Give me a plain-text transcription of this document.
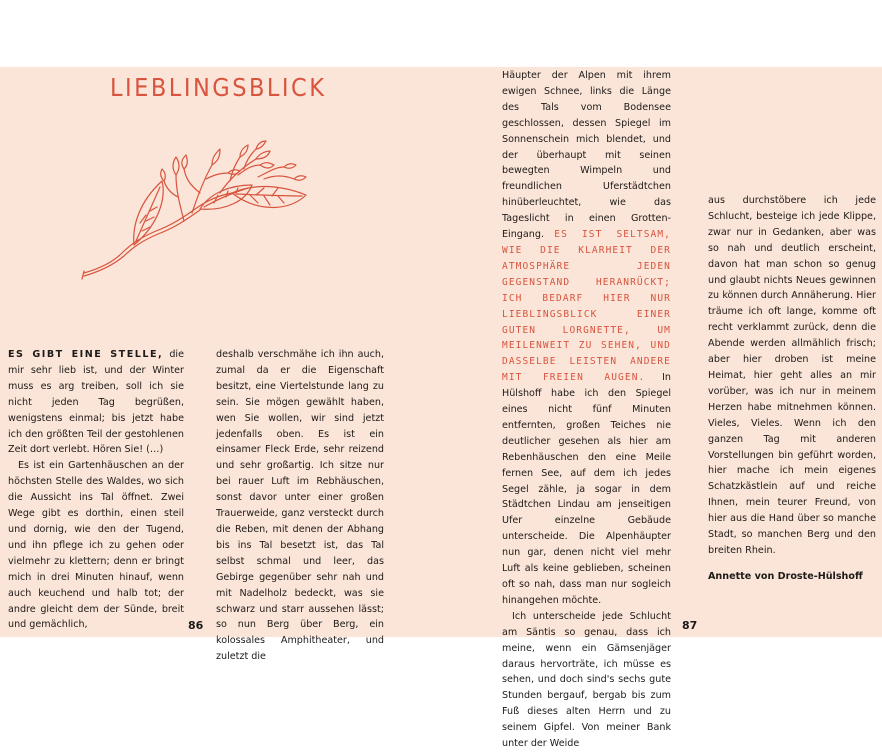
LIEBLINGSBLICK

ES GIBT EINE STELLE, die mir sehr lieb ist, und der Winter muss es arg treiben, soll ich sie nicht jeden Tag begrüßen, wenigstens einmal; bis jetzt habe ich den größten Teil der gestohlenen Zeit dort verlebt. Hören Sie! (…)

Es ist ein Gartenhäuschen an der höchsten Stelle des Waldes, wo sich die Aussicht ins Tal öffnet. Zwei Wege gibt es dorthin, einen steil und dornig, wie den der Tugend, und ihn pflege ich zu gehen oder vielmehr zu klettern; denn er bringt mich in drei Minuten hinauf, wenn auch keuchend und halb tot; der andre gleicht dem der Sünde, breit und gemächlich,

deshalb verschmähe ich ihn auch, zumal da er die Eigenschaft besitzt, eine Viertelstunde lang zu sein. Sie mögen gewählt haben, wen Sie wollen, wir sind jetzt jedenfalls oben. Es ist ein einsamer Fleck Erde, sehr reizend und sehr großartig. Ich sitze nur bei rauer Luft im Rebhäuschen, sonst davor unter einer großen Trauerweide, ganz versteckt durch die Reben, mit denen der Abhang bis ins Tal besetzt ist, das Tal selbst schmal und leer, das Gebirge gegenüber sehr nah und mit Nadelholz bedeckt, was sie schwarz und starr aussehen lässt; so nun Berg über Berg, ein kolossales Amphitheater, und zuletzt die

86

Häupter der Alpen mit ihrem ewigen Schnee, links die Länge des Tals vom Bodensee geschlossen, dessen Spiegel im Sonnenschein mich blendet, und der überhaupt mit seinen bewegten Wimpeln und freundlichen Uferstädtchen hinüberleuchtet, wie das Tageslicht in einen Grotten-Eingang. ES IST SELTSAM, WIE DIE KLARHEIT DER ATMOSPHÄRE JEDEN GEGENSTAND HERANRÜCKT; ICH BEDARF HIER NUR LIEBLINGSBLICK EINER GUTEN LORGNETTE, UM MEILENWEIT ZU SEHEN, UND DASSELBE LEISTEN ANDERE MIT FREIEN AUGEN. In Hülshoff habe ich den Spiegel eines nicht fünf Minuten entfernten, großen Teiches nie deutlicher gesehen als hier am Rebenhäuschen den eine Meile fernen See, auf dem ich jedes Segel zähle, ja sogar in dem Städtchen Lindau am jenseitigen Ufer einzelne Gebäude unterscheide. Die Alpenhäupter nun gar, denen nicht viel mehr Luft als keine geblieben, scheinen oft so nah, dass man nur sogleich hinangehen möchte.

Ich unterscheide jede Schlucht am Säntis so genau, dass ich meine, wenn ein Gämsenjäger daraus hervorträte, ich müsse es sehen, und doch sind's sechs gute Stunden bergauf, bergab bis zum Fuß dieses alten Herrn und zu seinem Gipfel. Von meiner Bank unter der Weide

aus durchstöbere ich jede Schlucht, besteige ich jede Klippe, zwar nur in Gedanken, aber was so nah und deutlich erscheint, davon hat man schon so genug und glaubt nichts Neues gewinnen zu können durch Annäherung. Hier träume ich oft lange, komme oft recht verklammt zurück, denn die Abende werden allmählich frisch; aber hier droben ist meine Heimat, hier geht alles an mir vorüber, was ich nur in meinem Herzen habe mitnehmen können. Vieles, Vieles. Wenn ich den ganzen Tag mit anderen Vorstellungen bin geführt worden, hier mache ich mein eigenes Schatzkästlein auf und reiche Ihnen, mein teurer Freund, von hier aus die Hand über so manche Stadt, so manchen Berg und den breiten Rhein.

Annette von Droste-Hülshoff

87
